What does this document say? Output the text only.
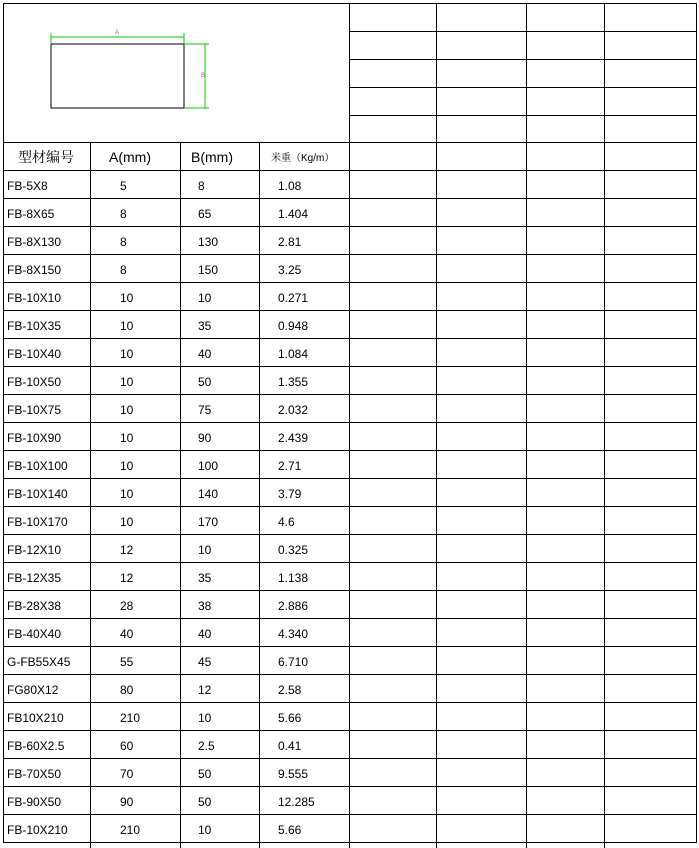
A
B
型材编号	A(mm)	B(mm)	米重（Kg/m）
FB-5X8	5	8	1.08
FB-8X65	8	65	1.404
FB-8X130	8	130	2.81
FB-8X150	8	150	3.25
FB-10X10	10	10	0.271
FB-10X35	10	35	0.948
FB-10X40	10	40	1.084
FB-10X50	10	50	1.355
FB-10X75	10	75	2.032
FB-10X90	10	90	2.439
FB-10X100	10	100	2.71
FB-10X140	10	140	3.79
FB-10X170	10	170	4.6
FB-12X10	12	10	0.325
FB-12X35	12	35	1.138
FB-28X38	28	38	2.886
FB-40X40	40	40	4.340
G-FB55X45	55	45	6.710
FG80X12	80	12	2.58
FB10X210	210	10	5.66
FB-60X2.5	60	2.5	0.41
FB-70X50	70	50	9.555
FB-90X50	90	50	12.285
FB-10X210	210	10	5.66
